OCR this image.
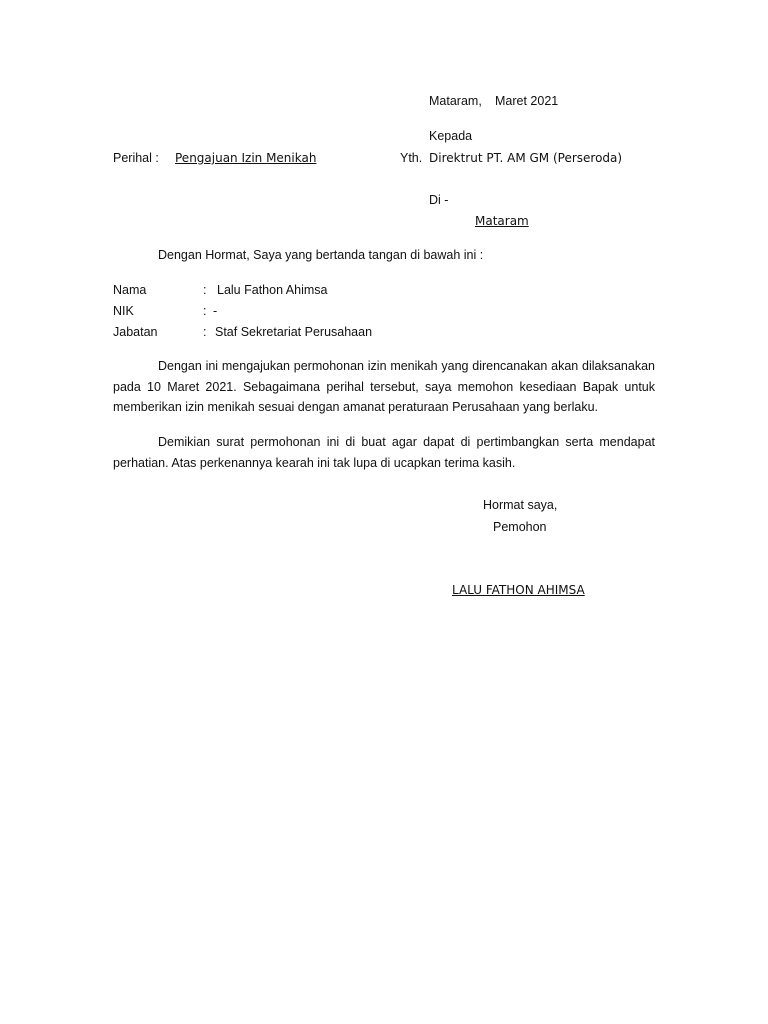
Mataram, Maret 2021
Kepada
Perihal : Pengajuan Izin Menikah	Yth. Direktrut PT. AM GM (Perseroda)
Di -
Mataram
Dengan Hormat, Saya yang bertanda tangan di bawah ini :
Nama	: Lalu Fathon Ahimsa
NIK	: -
Jabatan	: Staf Sekretariat Perusahaan

Dengan ini mengajukan permohonan izin menikah yang direncanakan akan dilaksanakan pada 10 Maret 2021. Sebagaimana perihal tersebut, saya memohon kesediaan Bapak untuk memberikan izin menikah sesuai dengan amanat peraturaan Perusahaan yang berlaku.

Demikian surat permohonan ini di buat agar dapat di pertimbangkan serta mendapat perhatian. Atas perkenannya kearah ini tak lupa di ucapkan terima kasih.

Hormat saya,
Pemohon
LALU FATHON AHIMSA
